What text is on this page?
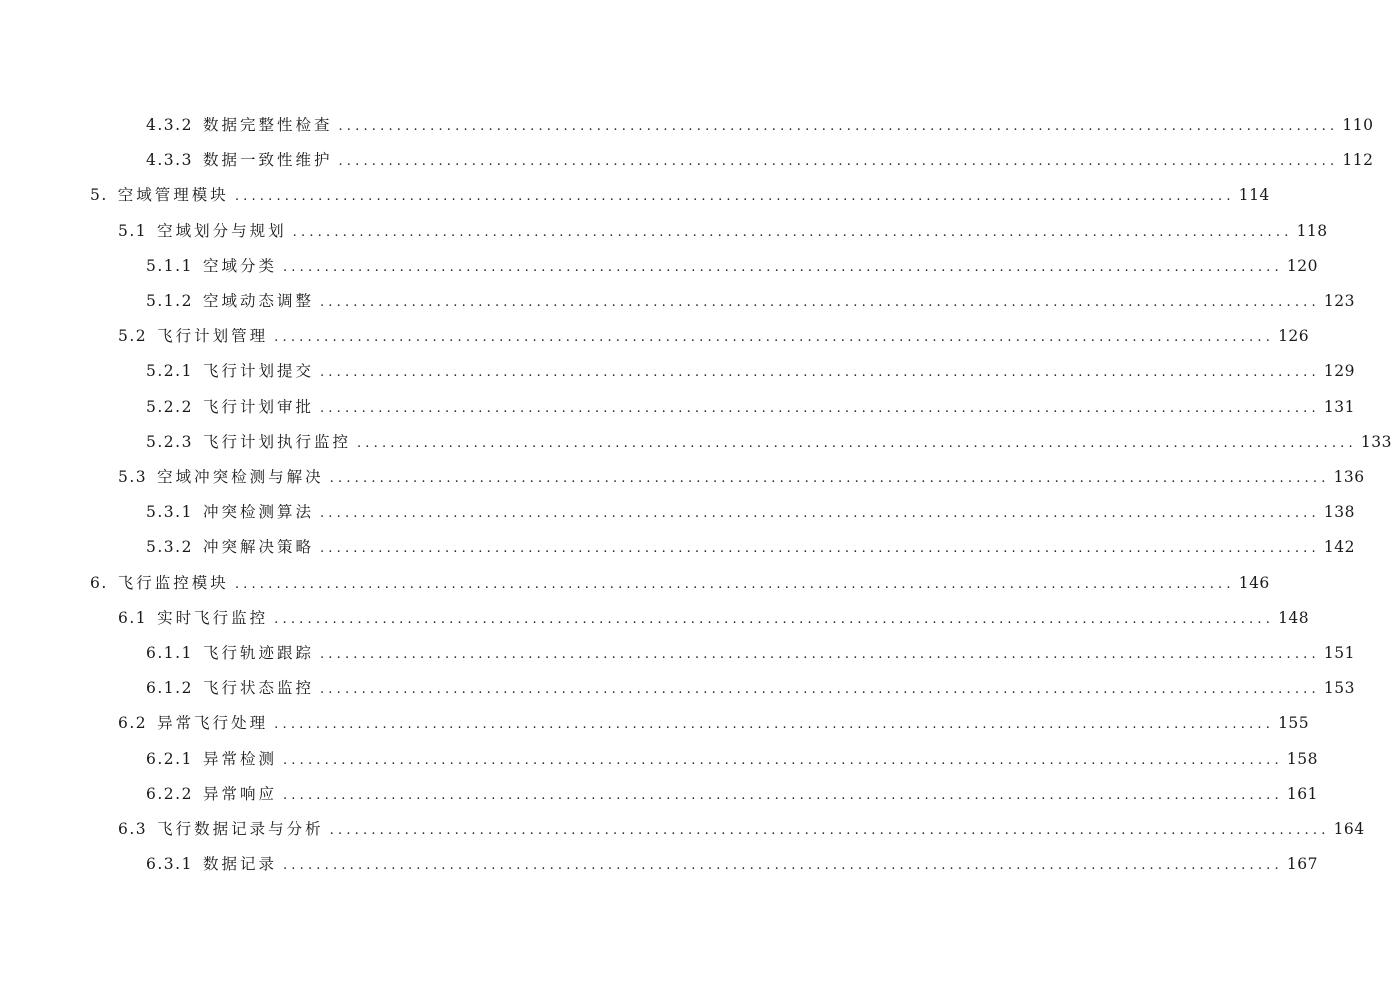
4.3.2 数据完整性检查 ........................................................................................................................ 110
4.3.3 数据一致性维护 ........................................................................................................................ 112
5. 空域管理模块 ........................................................................................................................ 114
5.1 空域划分与规划 ........................................................................................................................ 118
5.1.1 空域分类 ........................................................................................................................ 120
5.1.2 空域动态调整 ........................................................................................................................ 123
5.2 飞行计划管理 ........................................................................................................................ 126
5.2.1 飞行计划提交 ........................................................................................................................ 129
5.2.2 飞行计划审批 ........................................................................................................................ 131
5.2.3 飞行计划执行监控 ........................................................................................................................ 133
5.3 空域冲突检测与解决 ........................................................................................................................ 136
5.3.1 冲突检测算法 ........................................................................................................................ 138
5.3.2 冲突解决策略 ........................................................................................................................ 142
6. 飞行监控模块 ........................................................................................................................ 146
6.1 实时飞行监控 ........................................................................................................................ 148
6.1.1 飞行轨迹跟踪 ........................................................................................................................ 151
6.1.2 飞行状态监控 ........................................................................................................................ 153
6.2 异常飞行处理 ........................................................................................................................ 155
6.2.1 异常检测 ........................................................................................................................ 158
6.2.2 异常响应 ........................................................................................................................ 161
6.3 飞行数据记录与分析 ........................................................................................................................ 164
6.3.1 数据记录 ........................................................................................................................ 167
